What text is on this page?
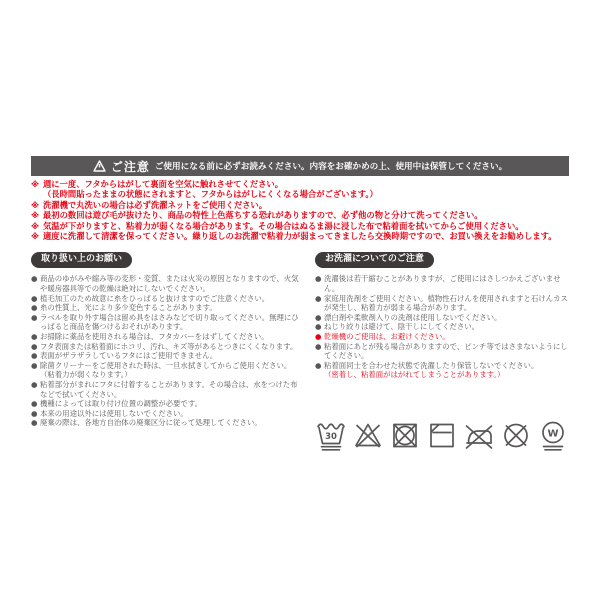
ご注意 ご使用になる前に必ずお読みください。内容をお確かめの上、使用中は保管してください。
※ 週に一度、フタからはがして裏面を空気に触れさせてください。
（長時間貼ったままの状態にされますと、フタからはがしにくくなる場合がございます。）
※ 洗濯機で丸洗いの場合は必ず洗濯ネットをご使用ください。
※ 最初の数回は遊び毛が抜けたり、商品の特性上色落ちする恐れがありますので、必ず他の物と分けて洗ってください。
※ 気温が下がりますと、粘着力が弱くなる場合があります。その場合はぬるま湯に浸した布で粘着面を拭いてからご使用ください。
※ 適度に洗濯して清潔を保ってください。繰り返しのお洗濯で粘着力が弱まってきましたら交換時期ですので、お買い換えをお勧めします。
取り扱い上のお願い
● 商品のゆがみや縮み等の変形・変質、または火災の原因となりますので、火気や暖房器具等での乾燥は絶対にしないでください。
● 植毛加工のため故意に糸をひっぱると抜けますのでご注意ください。
● 糸の性質上、光により多少変色することがあります。
● ラベルを取り外す場合は留め具をはさみなどで切り取ってください。無理にひっぱると商品を傷つけるおそれがあります。
● お掃除に薬品を使用される場合は、フタカバーをはずしてください。
● フタ表面または粘着面にホコリ、汚れ、キズ等があるとつきにくくなります。
● 表面がザラザラしているフタにはご使用できません。
● 除菌クリーナーをご使用された時は、一旦水拭きしてからご使用ください。
（粘着力が弱くなります。）
● 粘着部分がまれにフタに付着することがあります。その場合は、水をつけた布などで拭いてください。
● 機種によっては取り付け位置の調整が必要です。
● 本来の用途以外には使用しないでください。
● 廃棄の際は、各地方自治体の廃棄区分に従って処理してください。
お洗濯についてのご注意
● 洗濯後は若干縮むことがありますが、ご使用にはさしつかえございません。
● 家庭用洗剤をご使用ください。植物性石けんを使用されますと石けんカスが発生し、粘着力が弱まる場合があります。
● 漂白剤や柔軟剤入りの洗剤は使用しないでください。
● ねじり絞りは避けて、陰干しにしてください。
● 乾燥機のご使用は、お避けください。
● 粘着面にあとが残る場合がありますので、ピンチ等ではさまないようにしてください。
● 粘着面同士を合わせた状態で洗濯したり保管しないでください。
（密着し、粘着面がはがれてしまうことがあります。）
30	W
